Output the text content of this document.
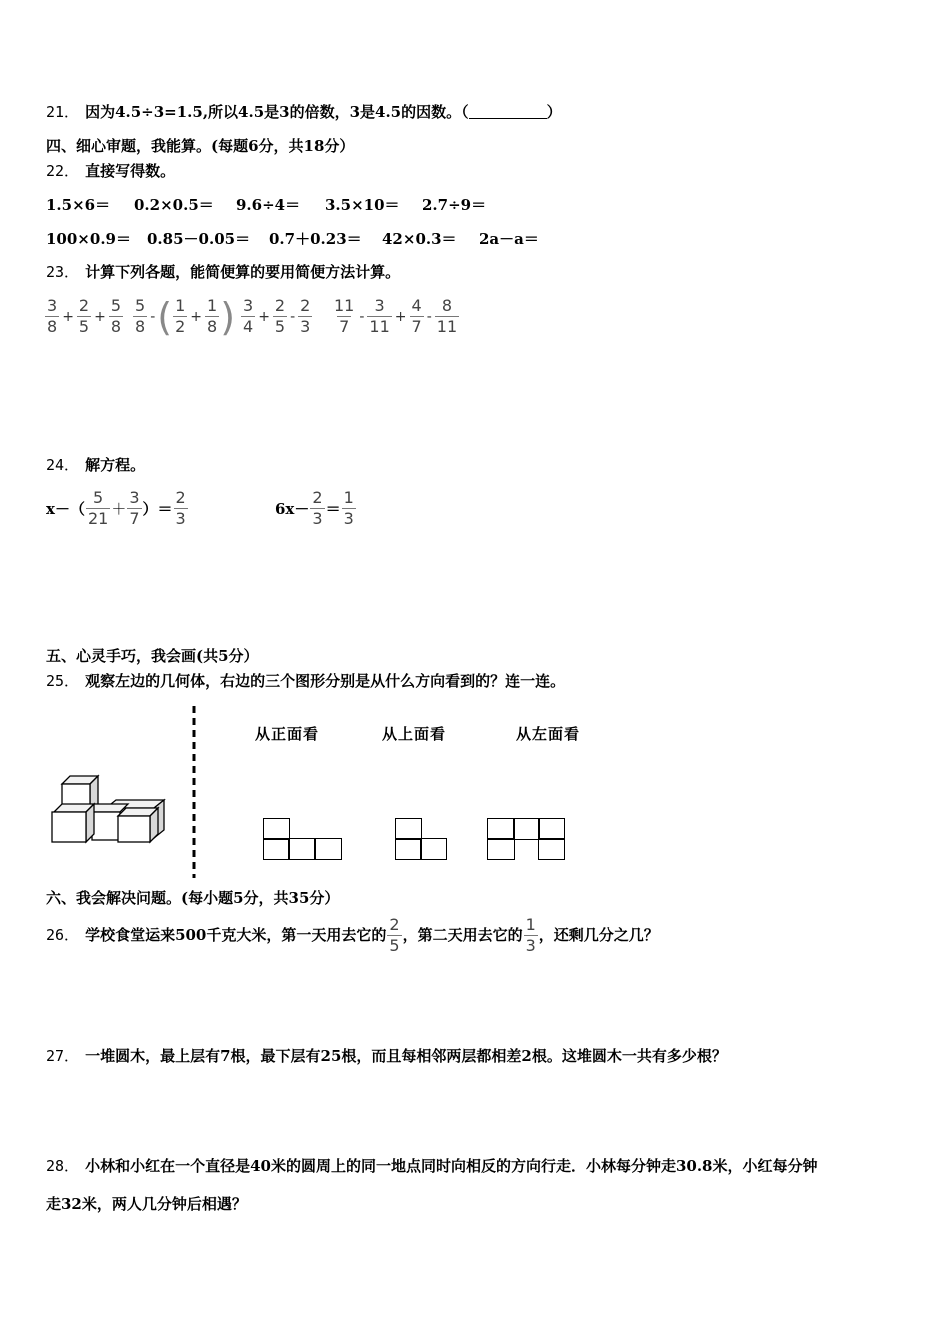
21． 因为4.5÷3=1.5,所以4.5是3的倍数，3是4.5的因数。（	）
四、细心审题，我能算。(每题6分，共18分）
22． 直接写得数。
1.5×6＝ 0.2×0.5＝ 9.6÷4＝ 3.5×10＝ 2.7÷9＝
100×0.9＝ 0.85－0.05＝ 0.7＋0.23＝ 42×0.3＝ 2a－a＝
23． 计算下列各题，能简便算的要用简便方法计算。
$\frac{3}{8} + \frac{2}{5} + \frac{5}{8} \frac{5}{8}$ - ( $\frac{1}{2} + \frac{1}{8}$ ) $\frac{3}{4} + \frac{2}{5} - \frac{2}{3} \frac{11}{7} - \frac{3}{11} + \frac{4}{7} - \frac{8}{11}$
24． 解方程。
$x-( \frac{5}{21} + \frac{3}{7}$ ）＝ $\frac{2}{3}$	$6x- \frac{2}{3} = \frac{1}{3}$
五、心灵手巧，我会画(共5分）
25． 观察左边的几何体，右边的三个图形分别是从什么方向看到的？连一连。
从正面看	从上面看	从左面看
六、我会解决问题。(每小题5分，共35分）
26． 学校食堂运来500千克大米，第一天用去它的 $\frac{2}{5}$ ，第二天用去它的 $\frac{1}{3}$ ，还剩几分之几？
27． 一堆圆木，最上层有7根，最下层有25根，而且每相邻两层都相差2根。这堆圆木一共有多少根？
28． 小林和小红在一个直径是40米的圆周上的同一地点同时向相反的方向行走．小林每分钟走30.8米，小红每分钟
走32米，两人几分钟后相遇？
